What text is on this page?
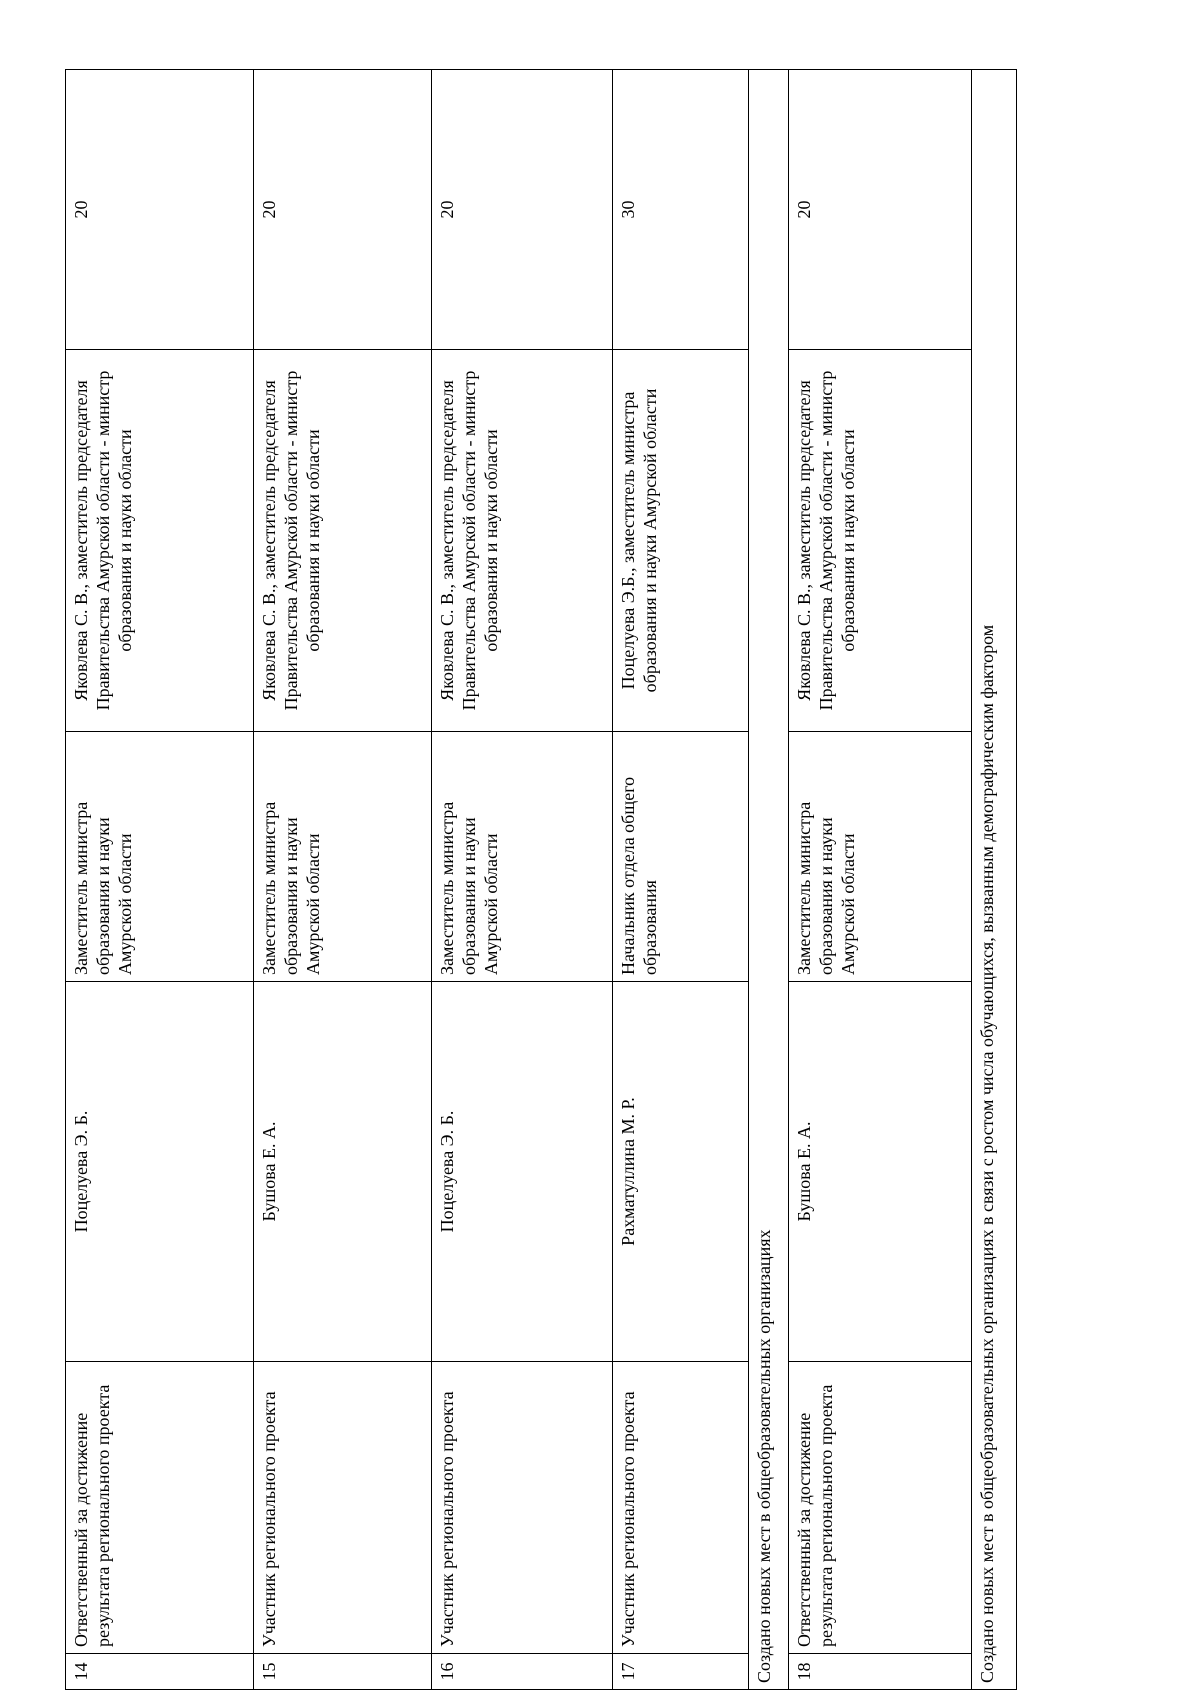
14	Ответственный за достижение результата регионального проекта	Поцелуева Э. Б.	Заместитель министра образования и науки Амурской области	Яковлева С. В., заместитель председателя Правительства Амурской области - министр образования и науки области	20
15	Участник регионального проекта	Бушова Е. А.	Заместитель министра образования и науки Амурской области	Яковлева С. В., заместитель председателя Правительства Амурской области - министр образования и науки области	20
16	Участник регионального проекта	Поцелуева Э. Б.	Заместитель министра образования и науки Амурской области	Яковлева С. В., заместитель председателя Правительства Амурской области - министр образования и науки области	20
17	Участник регионального проекта	Рахматуллина М. Р.	Начальник отдела общего образования	Поцелуева Э.Б., заместитель министра образования и науки Амурской области	30
Создано новых мест в общеобразовательных организациях					
18	Ответственный за достижение результата регионального проекта	Бушова Е. А.	Заместитель министра образования и науки Амурской области	Яковлева С. В., заместитель председателя Правительства Амурской области - министр образования и науки области	20
Создано новых мест в общеобразовательных организациях в связи с ростом числа обучающихся, вызванным демографическим фактором					
